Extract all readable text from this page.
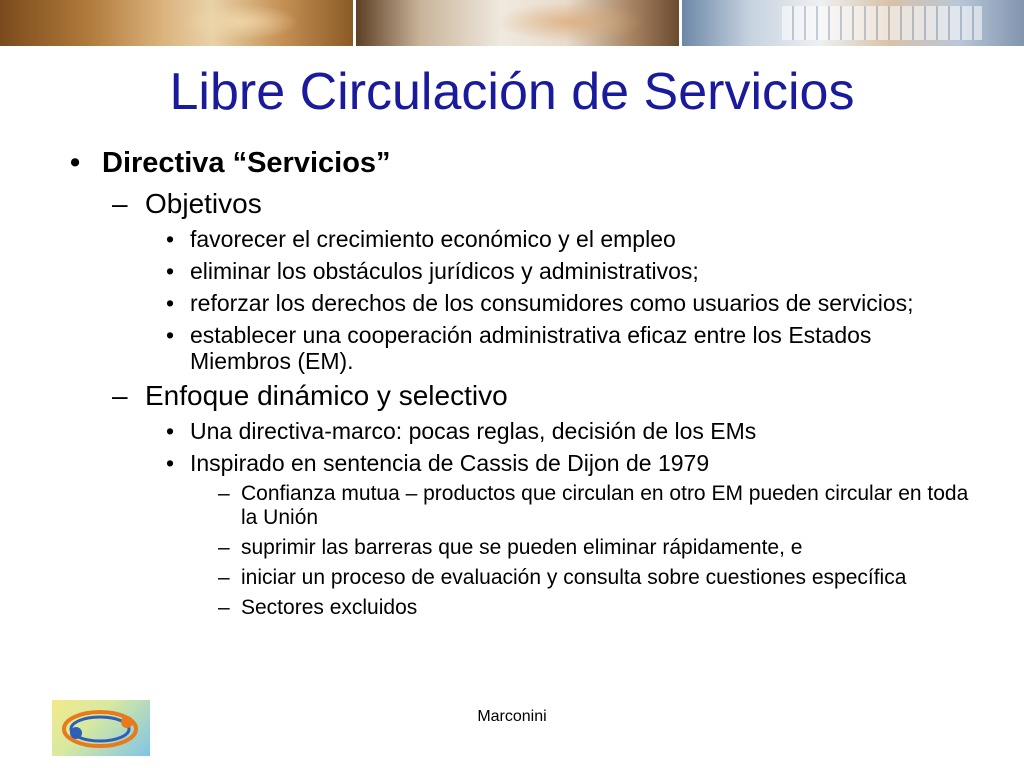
Libre Circulación de Servicios
• Directiva “Servicios”
– Objetivos
• favorecer el crecimiento económico y el empleo
• eliminar los obstáculos jurídicos y administrativos;
• reforzar los derechos de los consumidores como usuarios de servicios;
• establecer una cooperación administrativa eficaz entre los Estados Miembros (EM).
– Enfoque dinámico y selectivo
• Una directiva-marco: pocas reglas, decisión de los EMs
• Inspirado en sentencia de Cassis de Dijon de 1979
– Confianza mutua – productos que circulan en otro EM pueden circular en toda la Unión
– suprimir las barreras que se pueden eliminar rápidamente, e
– iniciar un proceso de evaluación y consulta sobre cuestiones específica
– Sectores excluidos
Marconini
